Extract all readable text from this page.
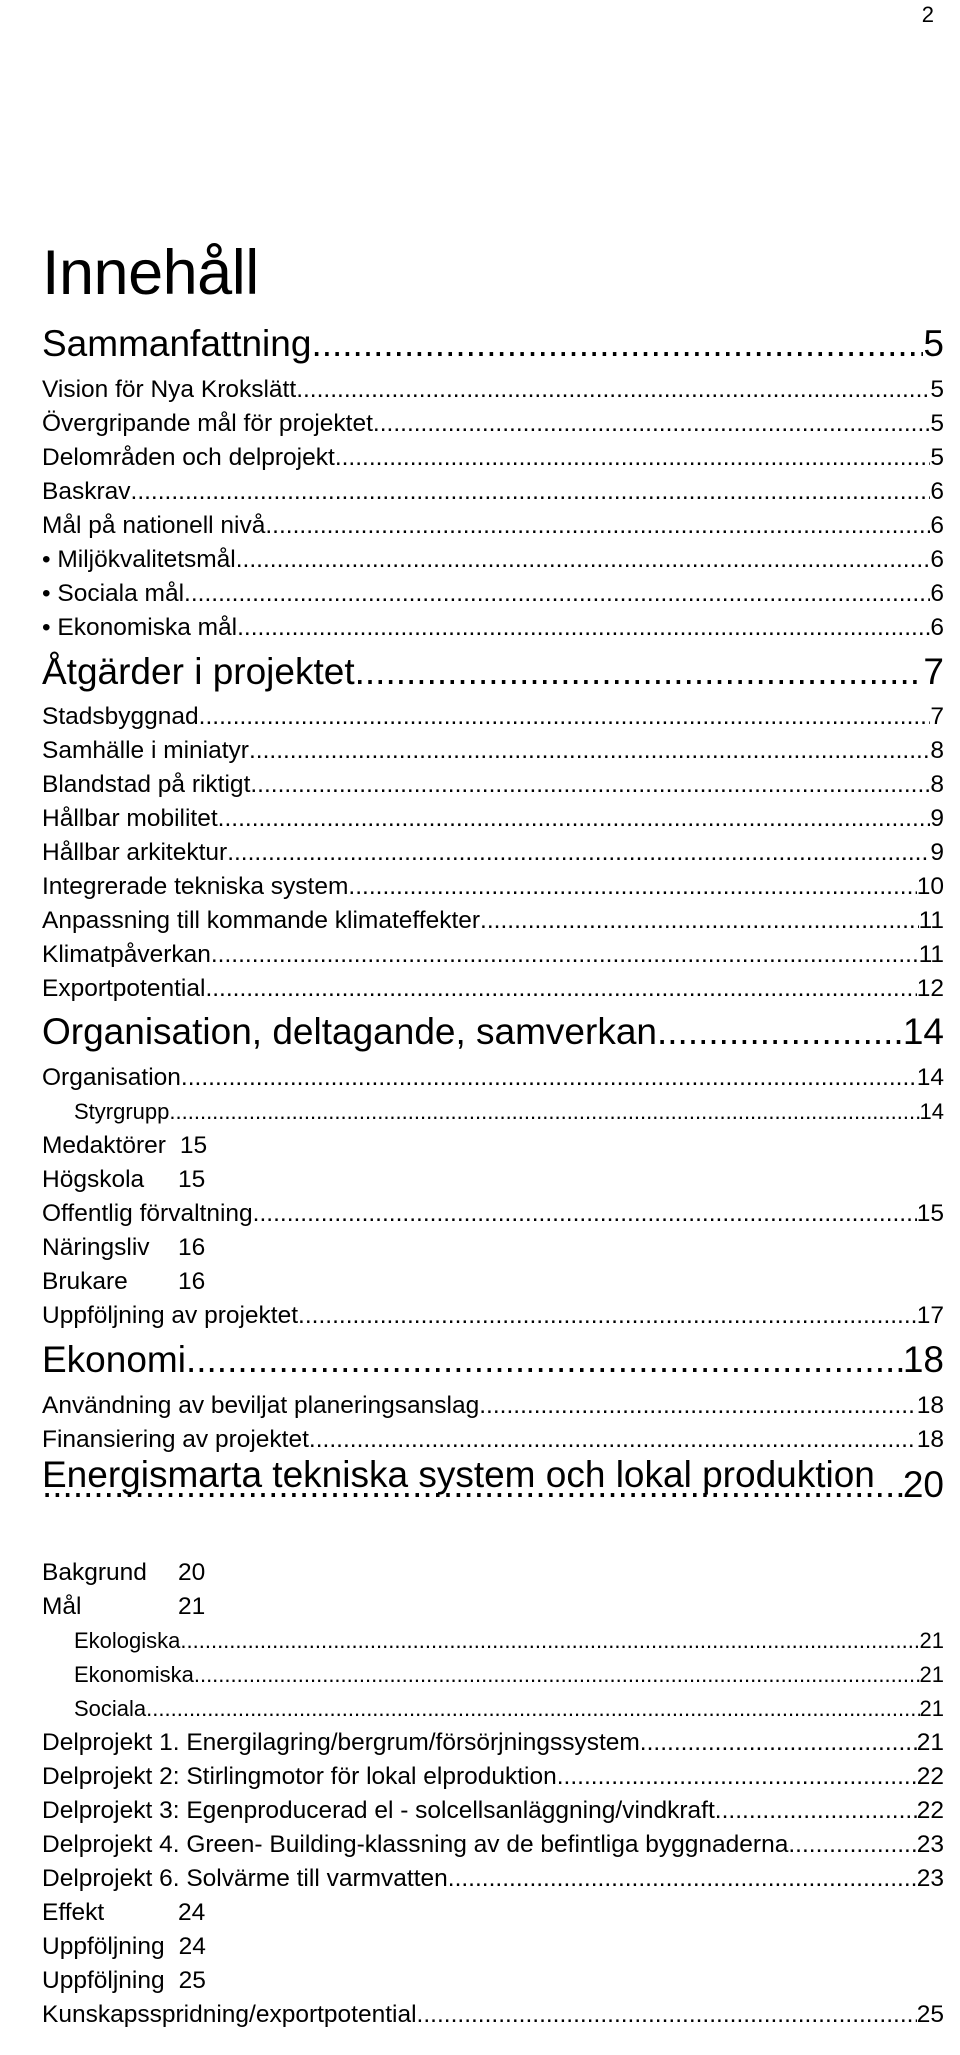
2
Innehåll
Sammanfattning .....	5
Vision för Nya Krokslätt .....	5
Övergripande mål för projektet .....	5
Delområden och delprojekt .....	5
Baskrav .....	6
Mål på nationell nivå .....	6
• Miljökvalitetsmål .....	6
• Sociala mål .....	6
• Ekonomiska mål .....	6
Åtgärder i projektet .....	7
Stadsbyggnad .....	7
Samhälle i miniatyr .....	8
Blandstad på riktigt .....	8
Hållbar mobilitet .....	9
Hållbar arkitektur .....	9
Integrerade tekniska system .....	10
Anpassning till kommande klimateffekter .....	11
Klimatpåverkan .....	11
Exportpotential .....	12
Organisation, deltagande, samverkan .....	14
Organisation .....	14
Styrgrupp .....	14
Medaktörer 15
Högskola	15
Offentlig förvaltning .....	15
Näringsliv	16
Brukare	16
Uppföljning av projektet .....	17
Ekonomi .....	18
Användning av beviljat planeringsanslag .....	18
Finansiering av projektet .....	18
Energismarta tekniska system och lokal produktion ..... 20
Bakgrund	20
Mål	21
Ekologiska .....	21
Ekonomiska .....	21
Sociala .....	21
Delprojekt 1. Energilagring/bergrum/försörjningssystem .....	21
Delprojekt 2: Stirlingmotor för lokal elproduktion .....	22
Delprojekt 3: Egenproducerad el - solcellsanläggning/vindkraft .....	22
Delprojekt 4. Green- Building-klassning av de befintliga byggnaderna .....	23
Delprojekt 6. Solvärme till varmvatten .....	23
Effekt	24
Uppföljning 24
Uppföljning 25
Kunskapsspridning/exportpotential .....	25
